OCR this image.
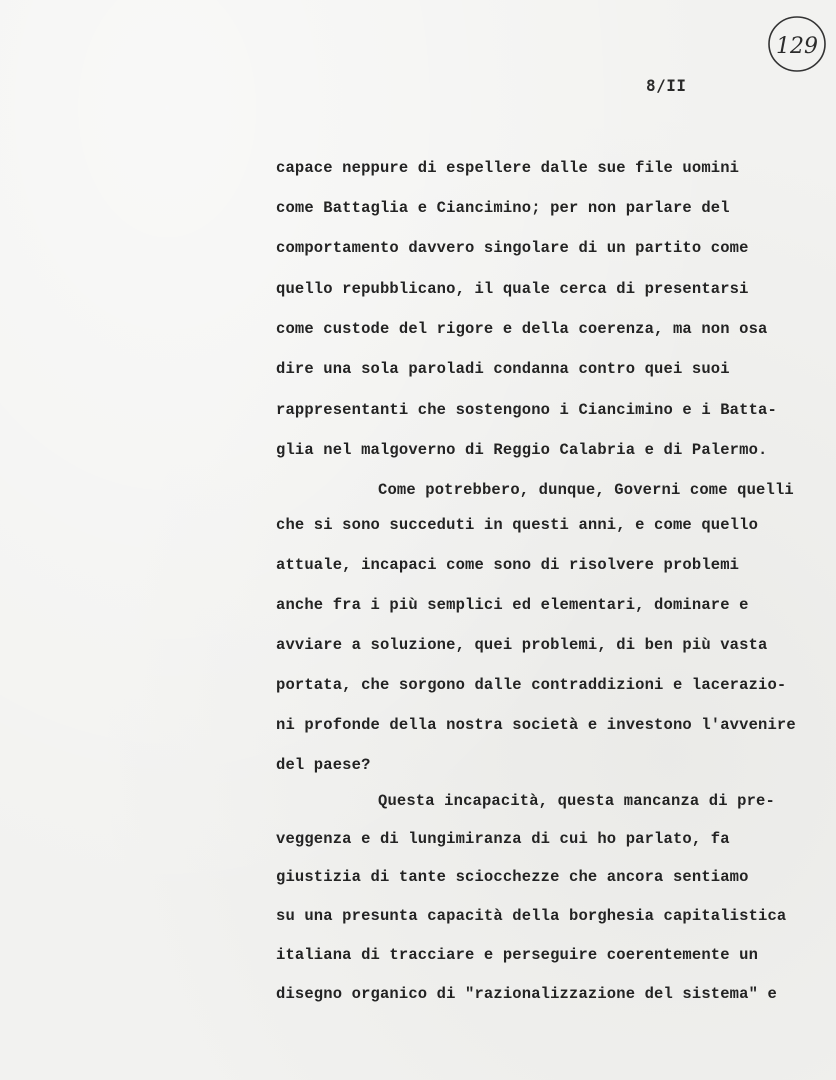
129
8/II
capace neppure di espellere dalle sue file uomini
come Battaglia e Ciancimino; per non parlare del
comportamento davvero singolare di un partito come
quello repubblicano, il quale cerca di presentarsi
come custode del rigore e della coerenza, ma non osa
dire una sola paroladi condanna contro quei suoi
rappresentanti che sostengono i Ciancimino e i Batta-
glia nel malgoverno di Reggio Calabria e di Palermo.
Come potrebbero, dunque, Governi come quelli
che si sono succeduti in questi anni, e come quello
attuale, incapaci come sono di risolvere problemi
anche fra i più semplici ed elementari, dominare e
avviare a soluzione, quei problemi, di ben più vasta
portata, che sorgono dalle contraddizioni e lacerazio-
ni profonde della nostra società e investono l'avvenire
del paese?
Questa incapacità, questa mancanza di pre-
veggenza e di lungimiranza di cui ho parlato, fa
giustizia di tante sciocchezze che ancora sentiamo
su una presunta capacità della borghesia capitalistica
italiana di tracciare e perseguire coerentemente un
disegno organico di "razionalizzazione del sistema" e
